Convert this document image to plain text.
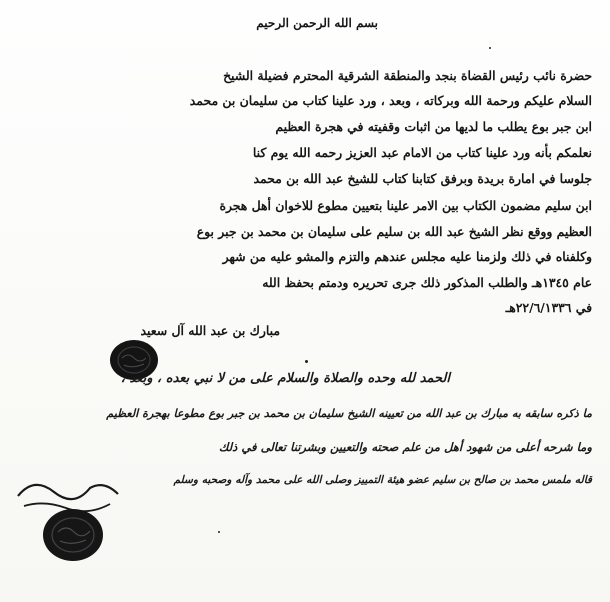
بسم الله الرحمن الرحيم
حضرة نائب رئيس القضاة بنجد والمنطقة الشرقية المحترم فضيلة الشيخ
السلام عليكم ورحمة الله وبركاته ، وبعد ، ورد علينا كتاب من سليمان بن محمد
ابن جبر بوع يطلب ما لديها من اثبات وقفيته في هجرة العظيم
نعلمكم بأنه ورد علينا كتاب من الامام عبد العزيز رحمه الله يوم كنا
جلوسا في امارة بريدة وبرفق كتابنا كتاب للشيخ عبد الله بن محمد
ابن سليم مضمون الكتاب بين الامر علينا بتعيين مطوع للاخوان أهل هجرة
العظيم ووقع نظر الشيخ عبد الله بن سليم على سليمان بن محمد بن جبر بوع
وكلفناه في ذلك ولزمنا عليه مجلس عندهم والتزم والمشو عليه من شهر
عام ١٣٤٥هـ والطلب المذكور ذلك جرى تحريره ودمتم بحفظ الله
في ٢٢/٦/١٣٣٦هـ
مبارك بن عبد الله آل سعيد
الحمد لله وحده والصلاة والسلام على من لا نبي بعده ، وبعد ،
ما ذكره سابقه به مبارك بن عبد الله من تعيينه الشيخ سليمان بن محمد بن جبر بوع مطوعا بهجرة العظيم
وما شرحه أعلى من شهود أهل من علم صحته والتعيين وبشرتنا تعالى في ذلك
قاله ملمس محمد بن صالح بن سليم عضو هيئة التمييز وصلى الله على محمد وآله وصحبه وسلم
